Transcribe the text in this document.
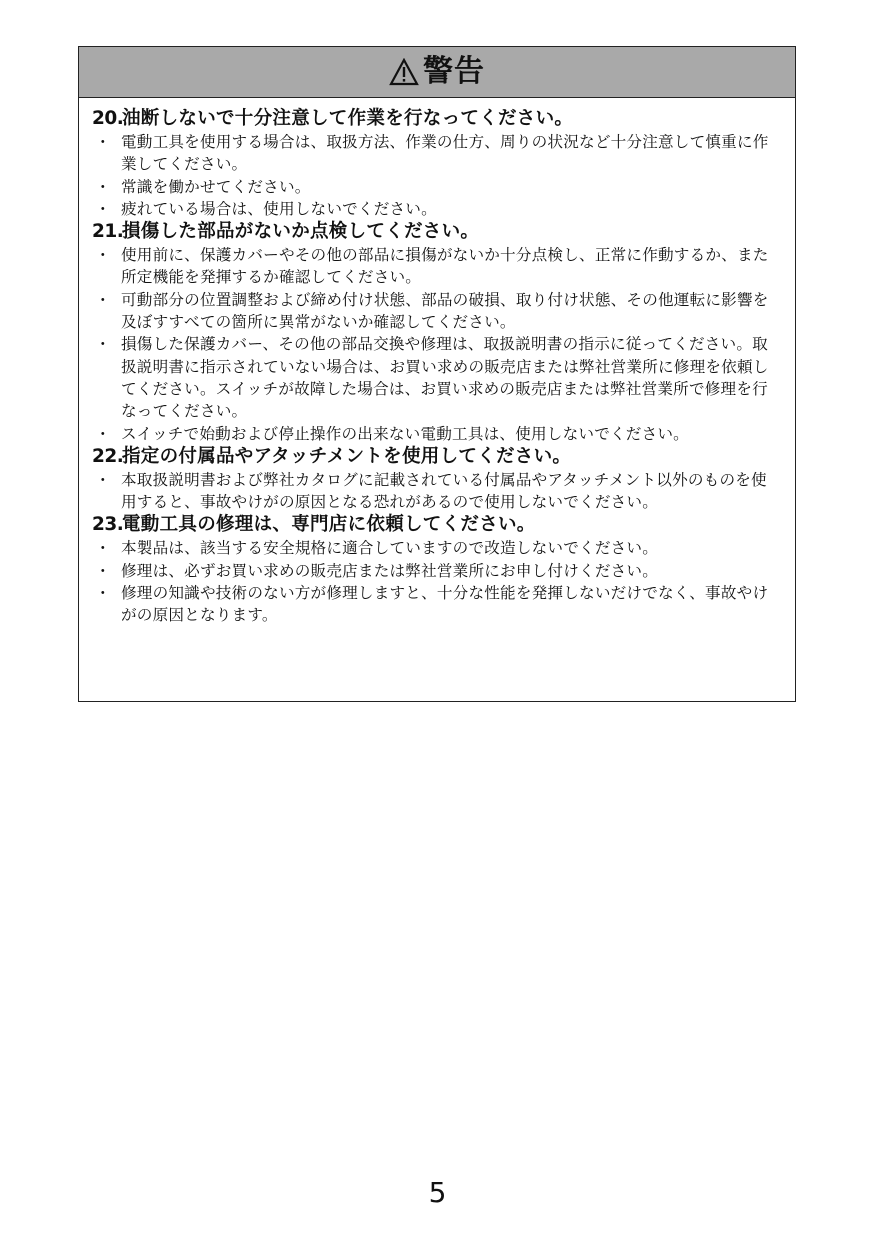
警告
20.
油断しないで十分注意して作業を行なってください。
・ 電動工具を使用する場合は、取扱方法、作業の仕方、周りの状況など十分注意して慎重に作業してください。
・ 常識を働かせてください。
・ 疲れている場合は、使用しないでください。
21.
損傷した部品がないか点検してください。
・ 使用前に、保護カバーやその他の部品に損傷がないか十分点検し、正常に作動するか、また所定機能を発揮するか確認してください。
・ 可動部分の位置調整および締め付け状態、部品の破損、取り付け状態、その他運転に影響を及ぼすすべての箇所に異常がないか確認してください。
・ 損傷した保護カバー、その他の部品交換や修理は、取扱説明書の指示に従ってください。取扱説明書に指示されていない場合は、お買い求めの販売店または弊社営業所に修理を依頼してください。スイッチが故障した場合は、お買い求めの販売店または弊社営業所で修理を行なってください。
・ スイッチで始動および停止操作の出来ない電動工具は、使用しないでください。
22.
指定の付属品やアタッチメントを使用してください。
・ 本取扱説明書および弊社カタログに記載されている付属品やアタッチメント以外のものを使用すると、事故やけがの原因となる恐れがあるので使用しないでください。
23.
電動工具の修理は、専門店に依頼してください。
・ 本製品は、該当する安全規格に適合していますので改造しないでください。
・ 修理は、必ずお買い求めの販売店または弊社営業所にお申し付けください。
・ 修理の知識や技術のない方が修理しますと、十分な性能を発揮しないだけでなく、事故やけがの原因となります。
5
